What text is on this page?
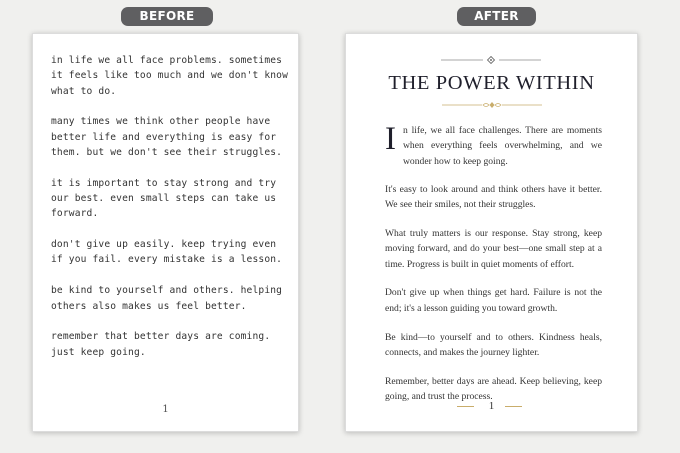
BEFORE	AFTER

in life we all face problems. sometimes
it feels like too much and we don't know
what to do.

many times we think other people have
better life and everything is easy for
them. but we don't see their struggles.

it is important to stay strong and try
our best. even small steps can take us
forward.

don't give up easily. keep trying even
if you fail. every mistake is a lesson.

be kind to yourself and others. helping
others also makes us feel better.

remember that better days are coming.
just keep going.

1
THE POWER WITHIN
I n life, we all face challenges. There are moments when everything feels overwhelming, and we wonder how to keep going.

It's easy to look around and think others have it better. We see their smiles, not their struggles.

What truly matters is our response. Stay strong, keep moving forward, and do your best—one small step at a time. Progress is built in quiet moments of effort.

Don't give up when things get hard. Failure is not the end; it's a lesson guiding you toward growth.

Be kind—to yourself and to others. Kindness heals, connects, and makes the journey lighter.

Remember, better days are ahead. Keep believing, keep going, and trust the process.

1
